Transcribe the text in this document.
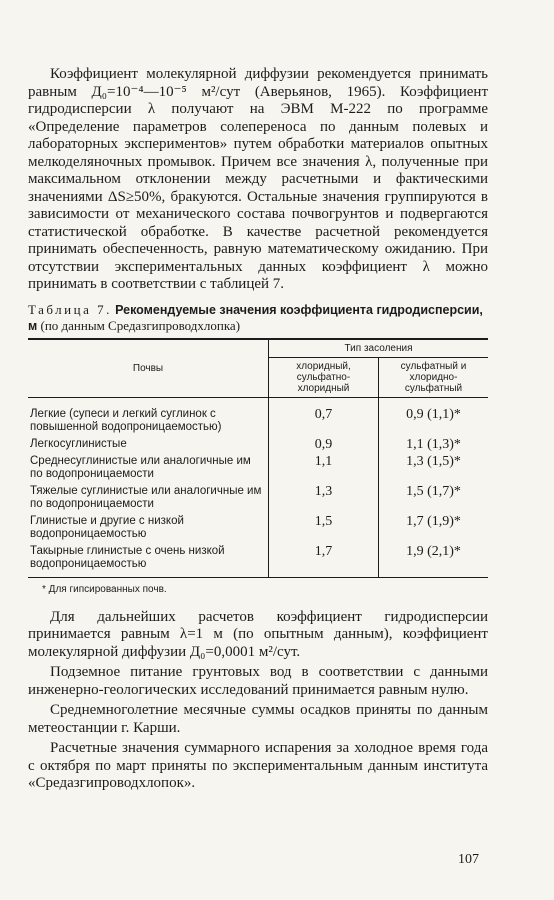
Коэффициент молекулярной диффузии рекомендуется принимать равным Д₀=10⁻⁴—10⁻⁵ м²/сут (Аверьянов, 1965). Коэффициент гидродисперсии λ получают на ЭВМ М-222 по программе «Определение параметров солепереноса по данным полевых и лабораторных экспериментов» путем обработки материалов опытных мелкоделяночных промывок. Причем все значения λ, полученные при максимальном отклонении между расчетными и фактическими значениями ΔS≥50%, бракуются. Остальные значения группируются в зависимости от механического состава почвогрунтов и подвергаются статистической обработке. В качестве расчетной рекомендуется принимать обеспеченность, равную математическому ожиданию. При отсутствии экспериментальных данных коэффициент λ можно принимать в соответствии с таблицей 7.

Таблица 7. Рекомендуемые значения коэффициента гидродисперсии, м (по данным Средазгипроводхлопка)
Почвы	Тип засоления	
	хлоридный, сульфатно-хлоридный	сульфатный и хлоридно-сульфатный
Легкие (супеси и легкий суглинок с повышенной водопроницаемостью)	0,7	0,9 (1,1)*
Легкосуглинистые	0,9	1,1 (1,3)*
Среднесуглинистые или аналогичные им по водопроницаемости	1,1	1,3 (1,5)*
Тяжелые суглинистые или аналогичные им по водопроницаемости	1,3	1,5 (1,7)*
Глинистые и другие с низкой водопроницаемостью	1,5	1,7 (1,9)*
Такырные глинистые с очень низкой водопроницаемостью	1,7	1,9 (2,1)*
* Для гипсированных почв.

Для дальнейших расчетов коэффициент гидродисперсии принимается равным λ=1 м (по опытным данным), коэффициент молекулярной диффузии Д₀=0,0001 м²/сут.

Подземное питание грунтовых вод в соответствии с данными инженерно-геологических исследований принимается равным нулю.

Среднемноголетние месячные суммы осадков приняты по данным метеостанции г. Карши.

Расчетные значения суммарного испарения за холодное время года с октября по март приняты по экспериментальным данным института «Средазгипроводхлопок».

107
